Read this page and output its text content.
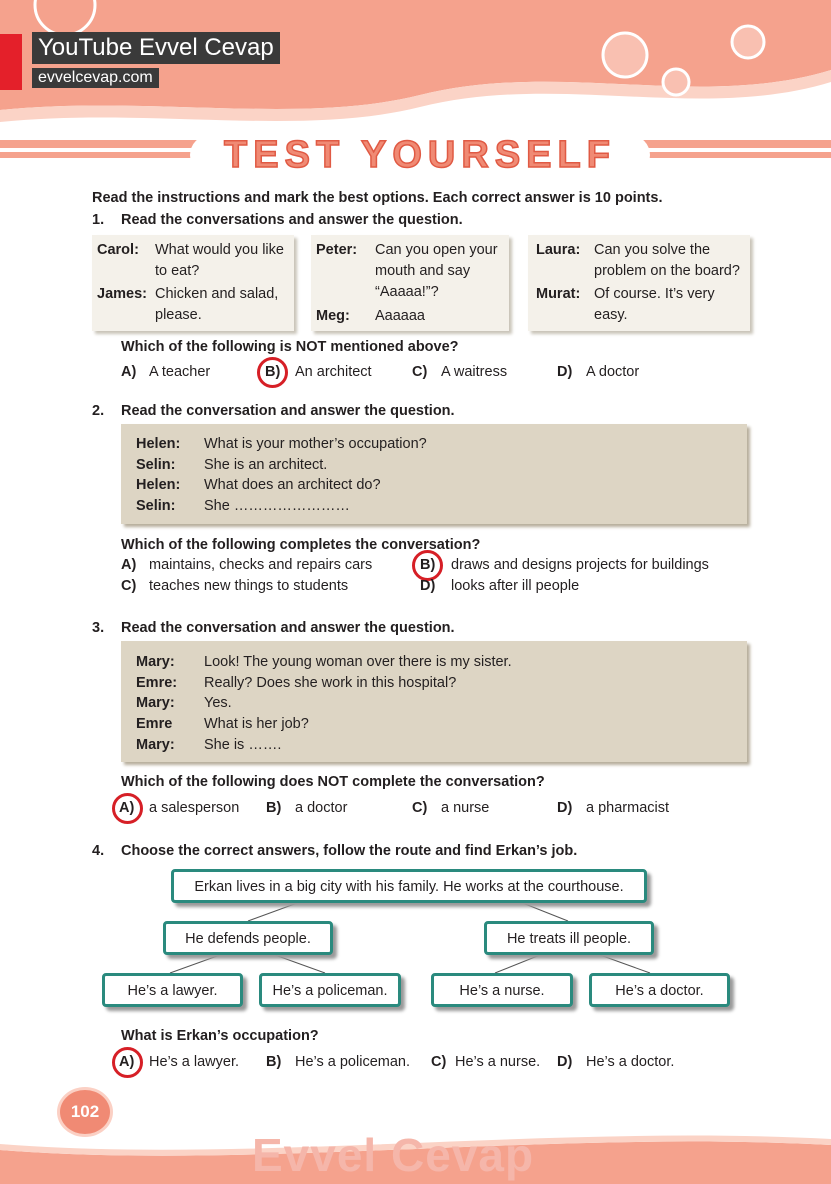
YouTube Evvel Cevap
evvelcevap.com
TEST YOURSELF
Read the instructions and mark the best options. Each correct answer is 10 points.
1. Read the conversations and answer the question.
Carol: What would you like to eat?
James: Chicken and salad, please.
Peter: Can you open your mouth and say “Aaaaa!”?
Meg: Aaaaaa
Laura: Can you solve the problem on the board?
Murat: Of course. It’s very easy.
Which of the following is NOT mentioned above?
A) A teacher	B) An architect	C) A waitress	D) A doctor
2. Read the conversation and answer the question.
Helen: What is your mother’s occupation?
Selin: She is an architect.
Helen: What does an architect do?
Selin: She ……………………
Which of the following completes the conversation?
A) maintains, checks and repairs cars	B) draws and designs projects for buildings
C) teaches new things to students	D) looks after ill people
3. Read the conversation and answer the question.
Mary: Look! The young woman over there is my sister.
Emre: Really? Does she work in this hospital?
Mary: Yes.
Emre What is her job?
Mary: She is …….
Which of the following does NOT complete the conversation?
A) a salesperson B) a doctor	C) a nurse	D) a pharmacist
4. Choose the correct answers, follow the route and find Erkan’s job.
Erkan lives in a big city with his family. He works at the courthouse.
He defends people.	He treats ill people.
He’s a lawyer.	He’s a policeman.	He’s a nurse.	He’s a doctor.
What is Erkan’s occupation?
A) He’s a lawyer. B) He’s a policeman. C) He’s a nurse. D) He’s a doctor.
Evvel Cevap
102
